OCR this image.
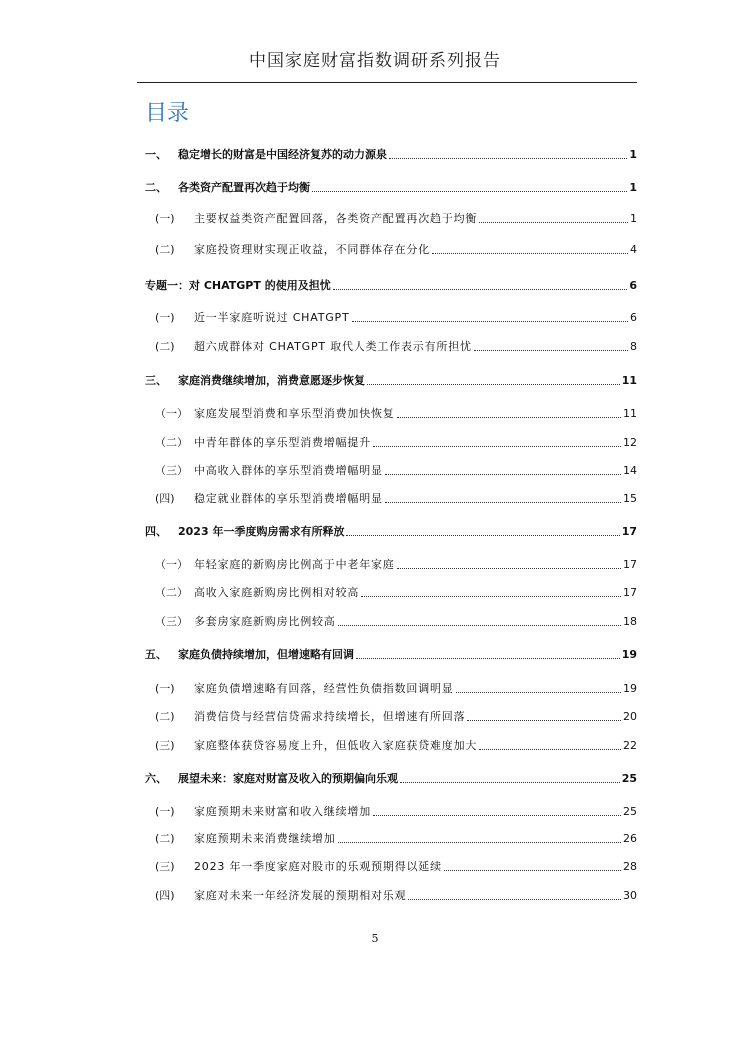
中国家庭财富指数调研系列报告
目录
一、 稳定增长的财富是中国经济复苏的动力源泉	1
二、 各类资产配置再次趋于均衡	1
(一) 主要权益类资产配置回落，各类资产配置再次趋于均衡	1
(二) 家庭投资理财实现正收益，不同群体存在分化	4
专题一：对 CHATGPT 的使用及担忧	6
(一) 近一半家庭听说过 CHATGPT	6
(二) 超六成群体对 CHATGPT 取代人类工作表示有所担忧	8
三、 家庭消费继续增加，消费意愿逐步恢复	11
（一） 家庭发展型消费和享乐型消费加快恢复	11
（二） 中青年群体的享乐型消费增幅提升	12
（三） 中高收入群体的享乐型消费增幅明显	14
(四) 稳定就业群体的享乐型消费增幅明显	15
四、 2023 年一季度购房需求有所释放	17
（一） 年轻家庭的新购房比例高于中老年家庭	17
（二） 高收入家庭新购房比例相对较高	17
（三） 多套房家庭新购房比例较高	18
五、 家庭负债持续增加，但增速略有回调	19
(一) 家庭负债增速略有回落，经营性负债指数回调明显	19
(二) 消费信贷与经营信贷需求持续增长，但增速有所回落	20
(三) 家庭整体获贷容易度上升，但低收入家庭获贷难度加大	22
六、 展望未来：家庭对财富及收入的预期偏向乐观	25
(一) 家庭预期未来财富和收入继续增加	25
(二) 家庭预期未来消费继续增加	26
(三) 2023 年一季度家庭对股市的乐观预期得以延续	28
(四) 家庭对未来一年经济发展的预期相对乐观	30
5
